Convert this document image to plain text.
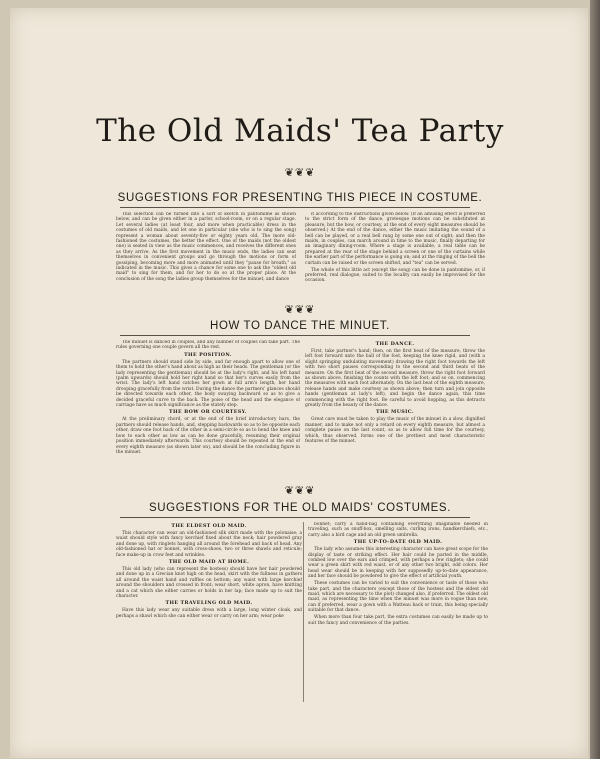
The Old Maids' Tea Party
❦❦❦
SUGGESTIONS FOR PRESENTING THIS PIECE IN COSTUME.

This selection can be turned into a sort of sketch in pantomime as shown below, and can be given either in a parlor, school-room, or on a regular stage. Let several ladies (at least four, and more when practicable) dress in the costumes of old maids, and let one in particular (she who is to sing the song) represent a woman about seventy-five or eighty years old. The more old-fashioned the costumes, the better the effect. One of the maids (not the oldest one) is seated in view as the music commences, and receives the different ones as they arrive. As the first movement in the music ends, the ladies can seat themselves in convenient groups and go through the motions or form of gossiping, becoming more and more animated until they "pause for breath," as indicated in the music. This gives a chance for some one to ask the "oldest old maid" to sing for them, and for her to do so at the proper place. At the conclusion of the song the ladies group themselves for the minuet, and dance

it according to the instructions given below. (If an amusing effect is preferred to the strict form of the dance, grotesque motions can be substituted at pleasure, but the bow, or courtesy, at the end of every eight measures should be observed.) At the end of the dance, either the music imitating the sound of a bell can be played, or a real bell rung by some one out of sight; and then the maids, in couples, can march around in time to the music, finally departing for an imaginary dining-room. Where a stage is available, a real table can be prepared at the rear of the stage behind a screen or one of the curtains while the earlier part of the performance is going on; and at the ringing of the bell the curtain can be raised or the screen shifted, and "tea" can be served.

The whole of this little act (except the song) can be done in pantomime, or, if preferred, real dialogue, suited to the locality can easily be improvised for the occasion.

❦❦❦
HOW TO DANCE THE MINUET.

The minuet is danced in couples, and any number of couples can take part. The rules governing one couple govern all the rest.

THE POSITION.

The partners should stand side by side, and far enough apart to allow one of them to hold the other's hand about as high as their heads. The gentleman (or the lady representing the gentleman) should be at the lady's right, and his left hand (palm upwards) should hold her right hand so that her's curves easily from the wrist. The lady's left hand catches her gown at full arm's length, her hand drooping gracefully from the wrist. During the dance the partners' glances should be directed towards each other, the body swaying backward so as to give a decided graceful curve to the back. The poise of the head and the elegance of carriage have as much significance as the stately step.

THE BOW OR COURTESY.

At the preliminary chord, or at the end of the brief introductory bars, the partners should release hands, and, stepping backwards so as to be opposite each other, draw one foot back of the other in a semi-circle so as to bend the knee and bow to each other as low as can be done gracefully, resuming their original position immediately afterwards. This courtesy should be repeated at the end of every eighth measure (as shown later on), and should be the concluding figure in the minuet.

THE DANCE.

First, take partner's hand; then, on the first beat of the measure, throw the left foot forward unto the ball of the foot, keeping the knee rigid, and (with a slight springing undulating movement) drawing the right foot towards the left with two short pauses corresponding to the second and third beats of the measure. On the first beat of the second measure, throw the right foot forward as shown above, finishing the counts with the left foot; and so on, commencing the measures with each foot alternately. On the last beat of the eighth measure, release hands and make courtesy as shown above; then turn and join opposite hands (gentleman at lady's left), and begin the dance again, this time commencing with the right foot. Be careful to avoid hopping, as this detracts greatly from the beauty of the dance.

THE MUSIC.

Great care must be taken to play the music of the minuet in a slow, dignified manner, and to make not only a retard on every eighth measure, but almost a complete pause on the last count, so as to allow full time for the courtesy, which, thus observed, forms one of the prettiest and most characteristic features of the minuet.

❦❦❦
SUGGESTIONS FOR THE OLD MAIDS' COSTUMES.
THE ELDEST OLD MAID.

This character can wear an old-fashioned silk skirt made with the polonaise; a waist should style with fancy kerchief fixed about the neck; hair powdered gray and done up, with ringlets hanging all around the forehead and back of head. Any old-fashioned hat or bonnet, with cross-shoes, two or three shawls and reticule; face make-up in crow feet and wrinkles.

THE OLD MAID AT HOME.

This old lady (who can represent the hostess) should have her hair powdered and done up in a Grecian knot high on the head, skirt with the fullness in gathers all around the waist band and ruffles on bottom; any waist with large kerchief around the shoulders and crossed in front; wear short, white apron, have knitting and a cat which she either carries or holds in her lap; face made up to suit the character.

THE TRAVELING OLD MAID.

Have this lady wear any suitable dress with a large, long winter cloak, and perhaps a shawl which she can either wear or carry on her arm; wear poke

bonnet; carry a hand-bag containing everything imaginable needed in traveling, such as snuff-box, smelling salts, curling irons, handkerchiefs, etc., carry also a bird cage and an old green umbrella.

THE UP-TO-DATE OLD MAID.

The lady who assumes this interesting character can have great scope for the display of taste or striking effect. Her hair could be parted in the middle, combed low over the ears and crimped, with perhaps a few ringlets; she could wear a green skirt with red waist, or of any other two bright, odd colors. Her head wear should be in keeping with her supposedly up-to-date appearance, and her face should be powdered to give the effect of artificial youth.

These costumes can be varied to suit the convenience or taste of those who take part, and the characters (except those of the hostess and the eldest old maid, which are necessary to the plot) changed also, if preferred. The eldest old maid, as representing the time when the minuet was more in vogue than now, can if preferred, wear a gown with a Watteau back or train, this being specially suitable for that dance.

When more than four take part, the extra costumes can easily be made up to suit the fancy and convenience of the parties.
